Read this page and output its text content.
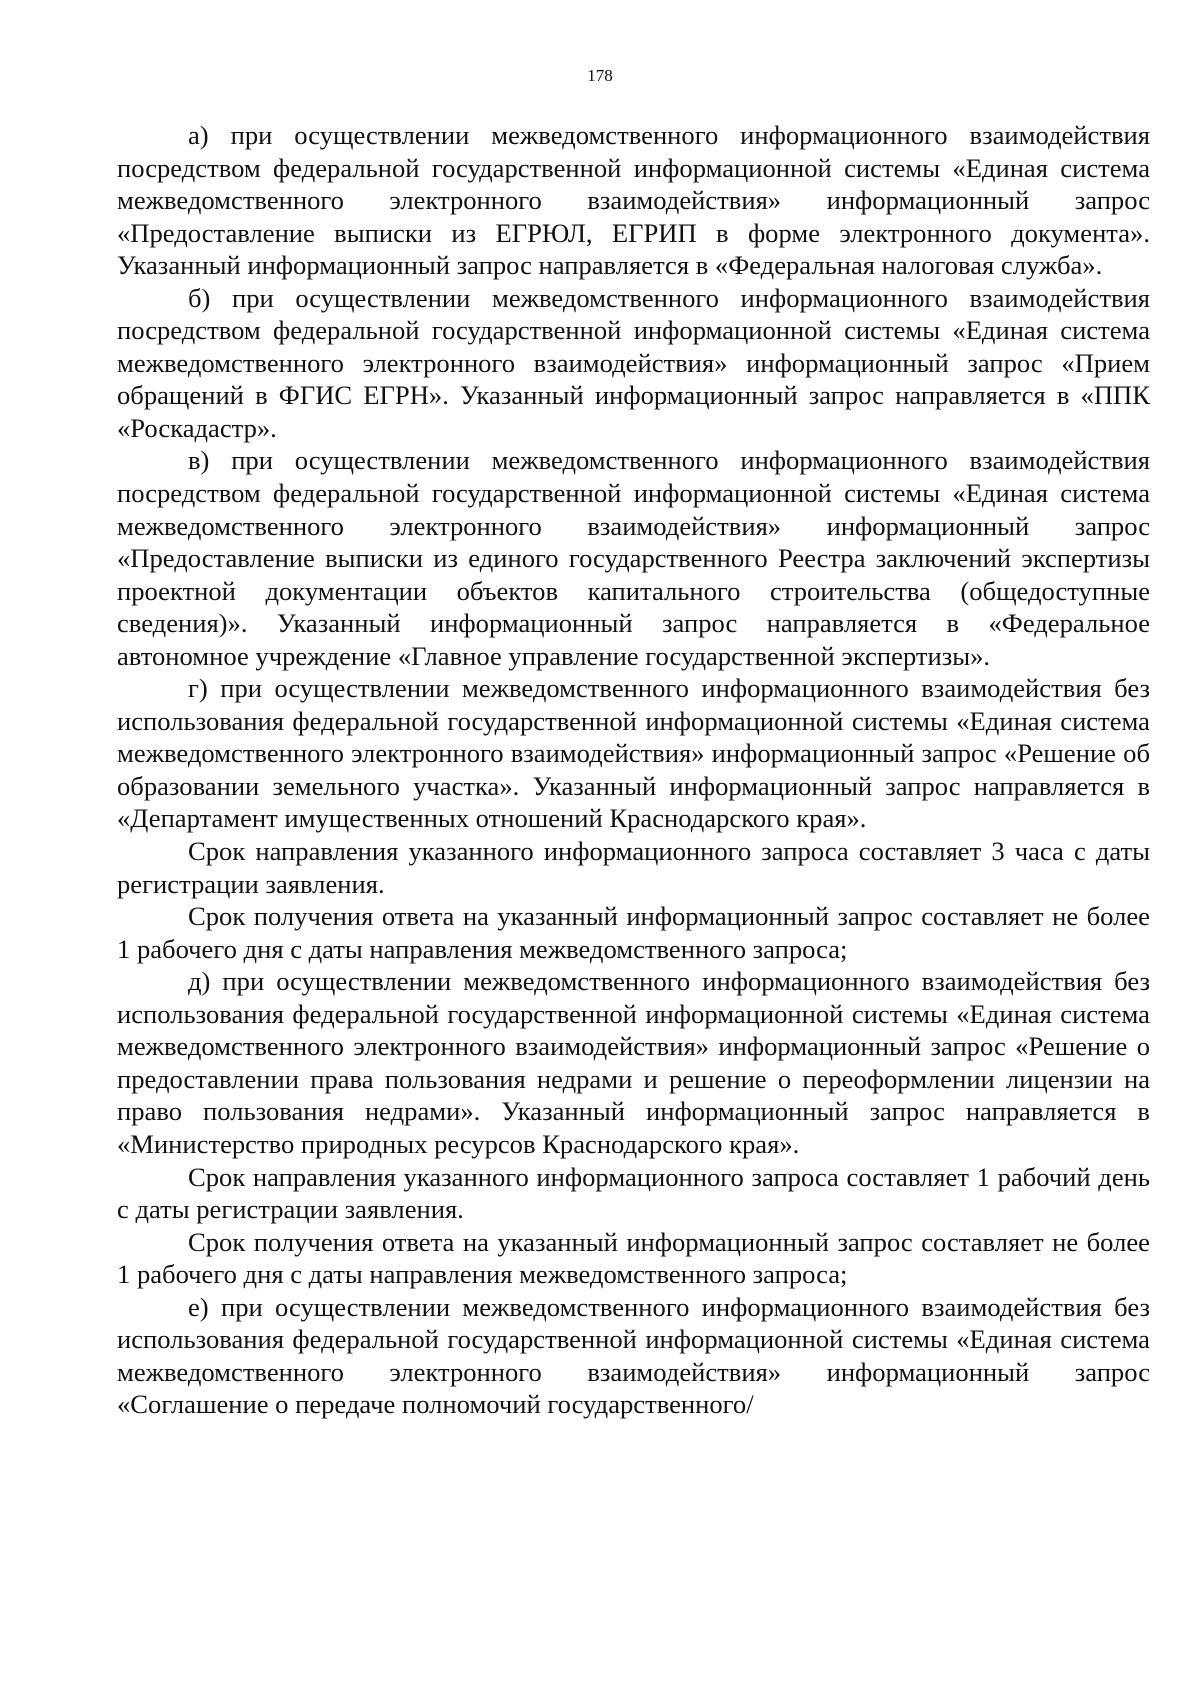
178

а) при осуществлении межведомственного информационного взаимодействия посредством федеральной государственной информационной системы «Единая система межведомственного электронного взаимодействия» информационный запрос «Предоставление выписки из ЕГРЮЛ, ЕГРИП в форме электронного документа». Указанный информационный запрос направляется в «Федеральная налоговая служба».

б) при осуществлении межведомственного информационного взаимодействия посредством федеральной государственной информационной системы «Единая система межведомственного электронного взаимодействия» информационный запрос «Прием обращений в ФГИС ЕГРН». Указанный информационный запрос направляется в «ППК «Роскадастр».

в) при осуществлении межведомственного информационного взаимодействия посредством федеральной государственной информационной системы «Единая система межведомственного электронного взаимодействия» информационный запрос «Предоставление выписки из единого государственного Реестра заключений экспертизы проектной документации объектов капитального строительства (общедоступные сведения)». Указанный информационный запрос направляется в «Федеральное автономное учреждение «Главное управление государственной экспертизы».

г) при осуществлении межведомственного информационного взаимодействия без использования федеральной государственной информационной системы «Единая система межведомственного электронного взаимодействия» информационный запрос «Решение об образовании земельного участка». Указанный информационный запрос направляется в «Департамент имущественных отношений Краснодарского края».

Срок направления указанного информационного запроса составляет 3 часа с даты регистрации заявления.

Срок получения ответа на указанный информационный запрос составляет не более 1 рабочего дня с даты направления межведомственного запроса;

д) при осуществлении межведомственного информационного взаимодействия без использования федеральной государственной информационной системы «Единая система межведомственного электронного взаимодействия» информационный запрос «Решение о предоставлении права пользования недрами и решение о переоформлении лицензии на право пользования недрами». Указанный информационный запрос направляется в «Министерство природных ресурсов Краснодарского края».

Срок направления указанного информационного запроса составляет 1 рабочий день с даты регистрации заявления.

Срок получения ответа на указанный информационный запрос составляет не более 1 рабочего дня с даты направления межведомственного запроса;

е) при осуществлении межведомственного информационного взаимодействия без использования федеральной государственной информационной системы «Единая система межведомственного электронного взаимодействия» информационный запрос «Соглашение о передаче полномочий государственного/
